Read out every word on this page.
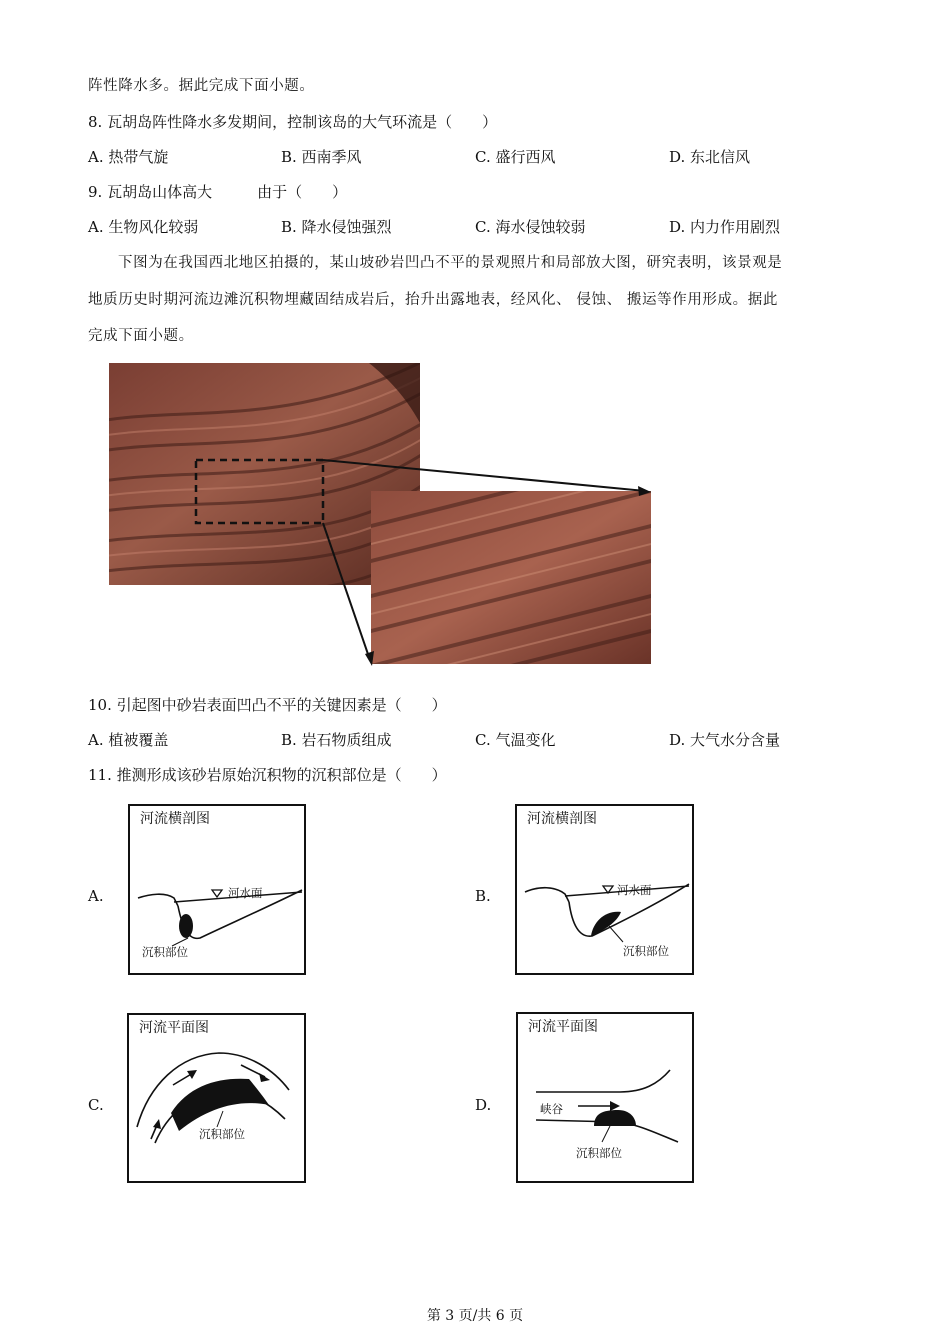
阵性降水多。据此完成下面小题。
8. 瓦胡岛阵性降水多发期间，控制该岛的大气环流是（　　）
A. 热带气旋	B. 西南季风	C. 盛行西风	D. 东北信风
9. 瓦胡岛山体高大　　　由于（　　）
A. 生物风化较弱	B. 降水侵蚀强烈	C. 海水侵蚀较弱	D. 内力作用剧烈
下图为在我国西北地区拍摄的，某山坡砂岩凹凸不平的景观照片和局部放大图，研究表明，该景观是
地质历史时期河流边滩沉积物埋藏固结成岩后，抬升出露地表，经风化、 侵蚀、 搬运等作用形成。据此
完成下面小题。
10. 引起图中砂岩表面凹凸不平的关键因素是（　　）
A. 植被覆盖	B. 岩石物质组成	C. 气温变化	D. 大气水分含量
11. 推测形成该砂岩原始沉积物的沉积部位是（　　）
A.
河流横剖图
河水面
沉积部位
B.
河流横剖图
河水面
沉积部位
C.
河流平面图
沉积部位
D.
河流平面图
峡谷
沉积部位
第 3 页/共 6 页
